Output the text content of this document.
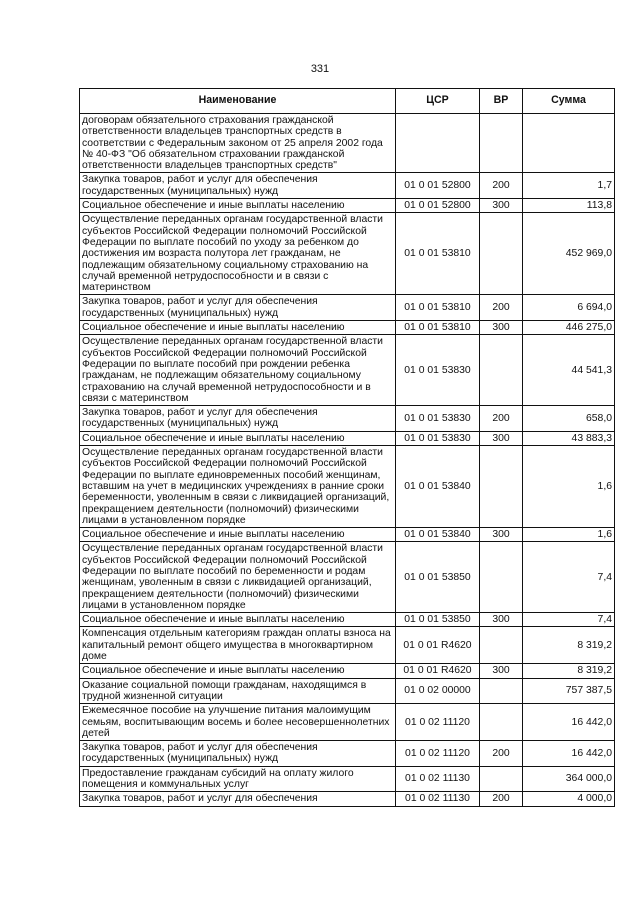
331
Наименование	ЦСР	ВР	Сумма
договорам обязательного страхования гражданской ответственности владельцев транспортных средств в соответствии с Федеральным законом от 25 апреля 2002 года № 40-ФЗ "Об обязательном страховании гражданской ответственности владельцев транспортных средств"			
Закупка товаров, работ и услуг для обеспечения государственных (муниципальных) нужд	01 0 01 52800	200	1,7
Социальное обеспечение и иные выплаты населению	01 0 01 52800	300	113,8
Осуществление переданных органам государственной власти субъектов Российской Федерации полномочий Российской Федерации по выплате пособий по уходу за ребенком до достижения им возраста полутора лет гражданам, не подлежащим обязательному социальному страхованию на случай временной нетрудоспособности и в связи с материнством	01 0 01 53810		452 969,0
Закупка товаров, работ и услуг для обеспечения государственных (муниципальных) нужд	01 0 01 53810	200	6 694,0
Социальное обеспечение и иные выплаты населению	01 0 01 53810	300	446 275,0
Осуществление переданных органам государственной власти субъектов Российской Федерации полномочий Российской Федерации по выплате пособий при рождении ребенка гражданам, не подлежащим обязательному социальному страхованию на случай временной нетрудоспособности и в связи с материнством	01 0 01 53830		44 541,3
Закупка товаров, работ и услуг для обеспечения государственных (муниципальных) нужд	01 0 01 53830	200	658,0
Социальное обеспечение и иные выплаты населению	01 0 01 53830	300	43 883,3
Осуществление переданных органам государственной власти субъектов Российской Федерации полномочий Российской Федерации по выплате единовременных пособий женщинам, вставшим на учет в медицинских учреждениях в ранние сроки беременности, уволенным в связи с ликвидацией организаций, прекращением деятельности (полномочий) физическими лицами в установленном порядке	01 0 01 53840		1,6
Социальное обеспечение и иные выплаты населению	01 0 01 53840	300	1,6
Осуществление переданных органам государственной власти субъектов Российской Федерации полномочий Российской Федерации по выплате пособий по беременности и родам женщинам, уволенным в связи с ликвидацией организаций, прекращением деятельности (полномочий) физическими лицами в установленном порядке	01 0 01 53850		7,4
Социальное обеспечение и иные выплаты населению	01 0 01 53850	300	7,4
Компенсация отдельным категориям граждан оплаты взноса на капитальный ремонт общего имущества в многоквартирном доме	01 0 01 R4620		8 319,2
Социальное обеспечение и иные выплаты населению	01 0 01 R4620	300	8 319,2
Оказание социальной помощи гражданам, находящимся в трудной жизненной ситуации	01 0 02 00000		757 387,5
Ежемесячное пособие на улучшение питания малоимущим семьям, воспитывающим восемь и более несовершеннолетних детей	01 0 02 11120		16 442,0
Закупка товаров, работ и услуг для обеспечения государственных (муниципальных) нужд	01 0 02 11120	200	16 442,0
Предоставление гражданам субсидий на оплату жилого помещения и коммунальных услуг	01 0 02 11130		364 000,0
Закупка товаров, работ и услуг для обеспечения	01 0 02 11130	200	4 000,0
